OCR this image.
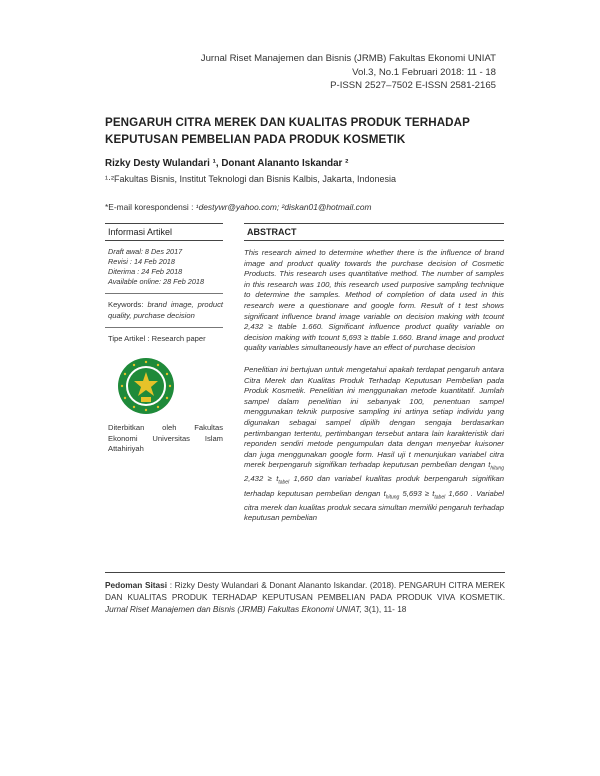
Jurnal Riset Manajemen dan Bisnis (JRMB) Fakultas Ekonomi UNIAT
Vol.3, No.1 Februari 2018: 11 - 18
P-ISSN 2527–7502 E-ISSN 2581-2165
PENGARUH CITRA MEREK DAN KUALITAS PRODUK TERHADAP KEPUTUSAN PEMBELIAN PADA PRODUK KOSMETIK
Rizky Desty Wulandari ¹, Donant Alananto Iskandar ²
¹·²Fakultas Bisnis, Institut Teknologi dan Bisnis Kalbis, Jakarta, Indonesia
*E-mail korespondensi : ¹destywr@yahoo.com; ²diskan01@hotmail.com
Informasi Artikel
Draft awal: 8 Des 2017
Revisi : 14 Feb 2018
Diterima : 24 Feb 2018
Available online: 28 Feb 2018
Keywords: brand image, product quality, purchase decision
Tipe Artikel : Research paper
Diterbitkan oleh Fakultas Ekonomi Universitas Islam Attahiriyah
ABSTRACT
This research aimed to determine whether there is the influence of brand image and product quality towards the purchase decision of Cosmetic Products. This research uses quantitative method. The number of samples in this research was 100, this research used purposive sampling technique to determine the samples. Method of completion of data used in this research were a questionare and google form. Result of t test shows significant influence brand image variable on decision making with tcount 2,432 ≥ ttable 1.660. Significant influence product quality variable on decision making with tcount 5,693 ≥ ttable 1.660. Brand image and product quality variables simultaneously have an effect of purchase decision
Penelitian ini bertujuan untuk mengetahui apakah terdapat pengaruh antara Citra Merek dan Kualitas Produk Terhadap Keputusan Pembelian pada Produk Kosmetik. Penelitian ini menggunakan metode kuantitatif. Jumlah sampel dalam penelitian ini sebanyak 100, penentuan sampel menggunakan teknik purposive sampling ini artinya setiap individu yang digunakan sebagai sampel dipilih dengan sengaja berdasarkan pertimbangan tertentu, pertimbangan tersebut antara lain karakteristik dari reponden sendiri metode pengumpulan data dengan menyebar kuisoner dan juga menggunakan google form. Hasil uji t menunjukan variabel citra merek berpengaruh signifikan terhadap keputusan pembelian dengan $t_{hitung}$ $2,432 \ge t_{tabel}$ 1,660 dan variabel kualitas produk berpengaruh signifikan terhadap keputusan pembelian dengan $t_{hitung}$ $5,693 \ge t_{tabel}$ 1,660 . Variabel citra merek dan kualitas produk secara simultan memiliki pengaruh terhadap keputusan pembelian
Pedoman Sitasi : Rizky Desty Wulandari & Donant Alananto Iskandar. (2018). PENGARUH CITRA MEREK DAN KUALITAS PRODUK TERHADAP KEPUTUSAN PEMBELIAN PADA PRODUK VIVA KOSMETIK. Jurnal Riset Manajemen dan Bisnis (JRMB) Fakultas Ekonomi UNIAT, 3(1), 11- 18
